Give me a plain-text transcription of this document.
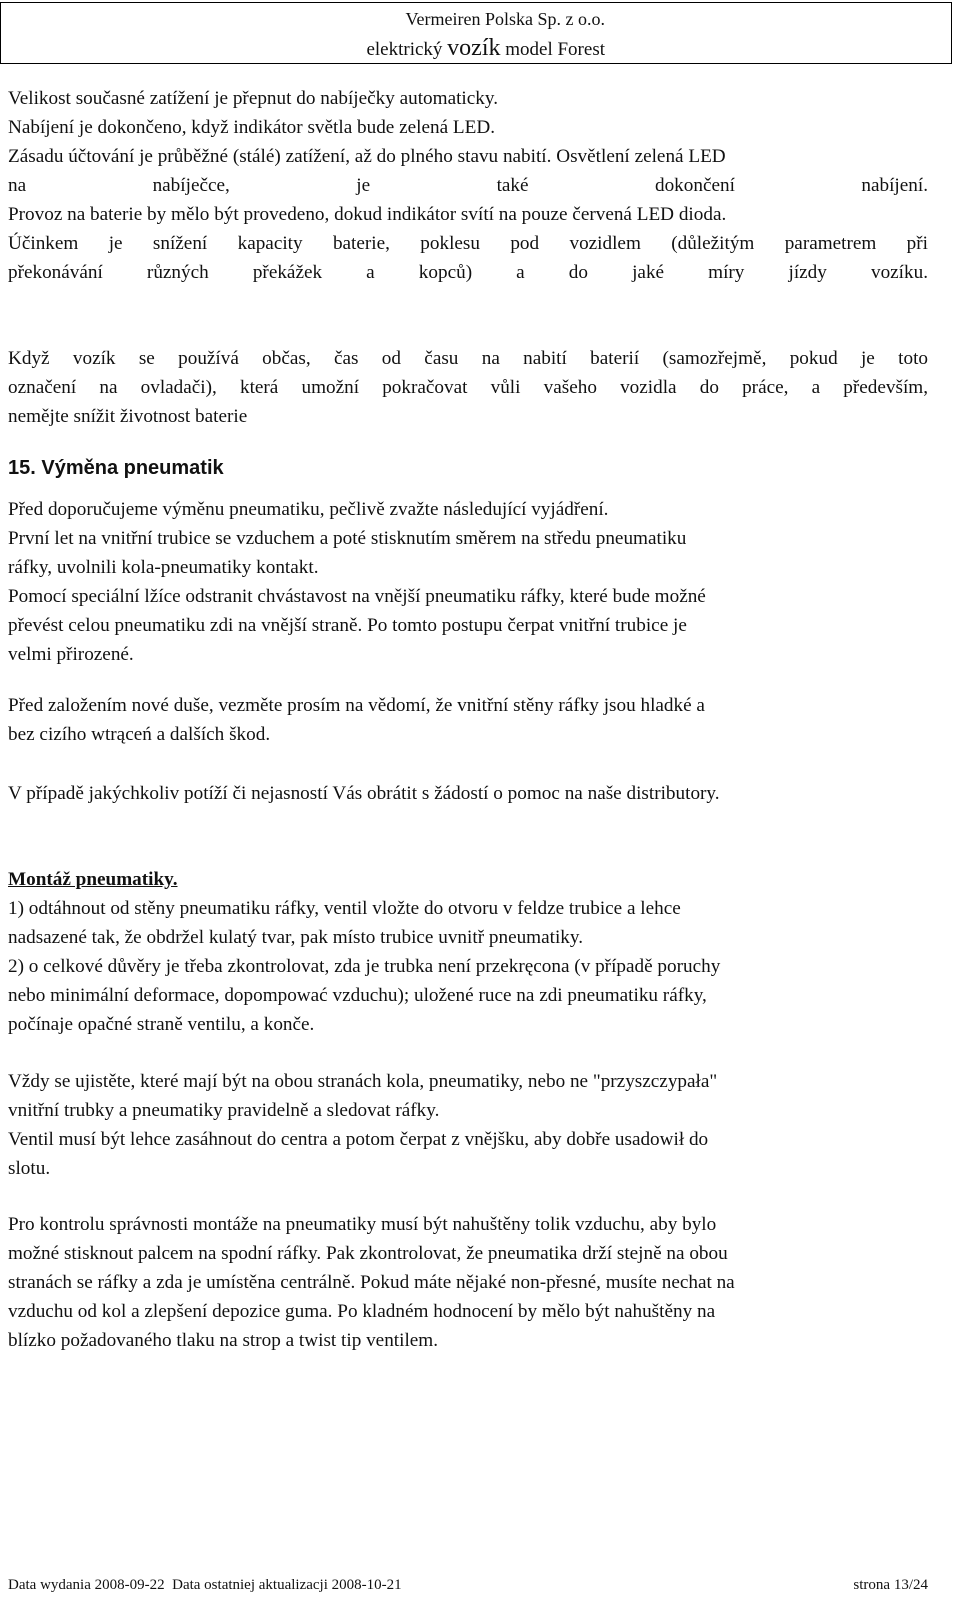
Vermeiren Polska Sp. z o.o.
elektrický vozík model Forest
Velikost současné zatížení je přepnut do nabíječky automaticky.
Nabíjení je dokončeno, když indikátor světla bude zelená LED.
Zásadu účtování je průběžné (stálé) zatížení, až do plného stavu nabití. Osvětlení zelená LED
na nabíječce, je také dokončení nabíjení.
Provoz na baterie by mělo být provedeno, dokud indikátor svítí na pouze červená LED dioda.
Účinkem je snížení kapacity baterie, poklesu pod vozidlem (důležitým parametrem při
překonávání různých překážek a kopců) a do jaké míry jízdy vozíku.
Když vozík se používá občas, čas od času na nabití baterií (samozřejmě, pokud je toto
označení na ovladači), která umožní pokračovat vůli vašeho vozidla do práce, a především,
nemějte snížit životnost baterie
15. Výměna pneumatik
Před doporučujeme výměnu pneumatiku, pečlivě zvažte následující vyjádření.
První let na vnitřní trubice se vzduchem a poté stisknutím směrem na středu pneumatiku
ráfky, uvolnili kola-pneumatiky kontakt.
Pomocí speciální lžíce odstranit chvástavost na vnější pneumatiku ráfky, které bude možné
převést celou pneumatiku zdi na vnější straně. Po tomto postupu čerpat vnitřní trubice je
velmi přirozené.
Před založením nové duše, vezměte prosím na vědomí, že vnitřní stěny ráfky jsou hladké a
bez cizího wtrąceń a dalších škod.
V případě jakýchkoliv potíží či nejasností Vás obrátit s žádostí o pomoc na naše distributory.
Montáž pneumatiky.
1) odtáhnout od stěny pneumatiku ráfky, ventil vložte do otvoru v feldze trubice a lehce
nadsazené tak, že obdržel kulatý tvar, pak místo trubice uvnitř pneumatiky.
2) o celkové důvěry je třeba zkontrolovat, zda je trubka není przekręcona (v případě poruchy
nebo minimální deformace, dopompować vzduchu); uložené ruce na zdi pneumatiku ráfky,
počínaje opačné straně ventilu, a konče.
Vždy se ujistěte, které mají být na obou stranách kola, pneumatiky, nebo ne "przyszczypała"
vnitřní trubky a pneumatiky pravidelně a sledovat ráfky.
Ventil musí být lehce zasáhnout do centra a potom čerpat z vnějšku, aby dobře usadowił do
slotu.
Pro kontrolu správnosti montáže na pneumatiky musí být nahuštěny tolik vzduchu, aby bylo
možné stisknout palcem na spodní ráfky. Pak zkontrolovat, že pneumatika drží stejně na obou
stranách se ráfky a zda je umístěna centrálně. Pokud máte nějaké non-přesné, musíte nechat na
vzduchu od kol a zlepšení depozice guma. Po kladném hodnocení by mělo být nahuštěny na
blízko požadovaného tlaku na strop a twist tip ventilem.
Data wydania 2008-09-22  Data ostatniej aktualizacji 2008-10-21	strona 13/24
